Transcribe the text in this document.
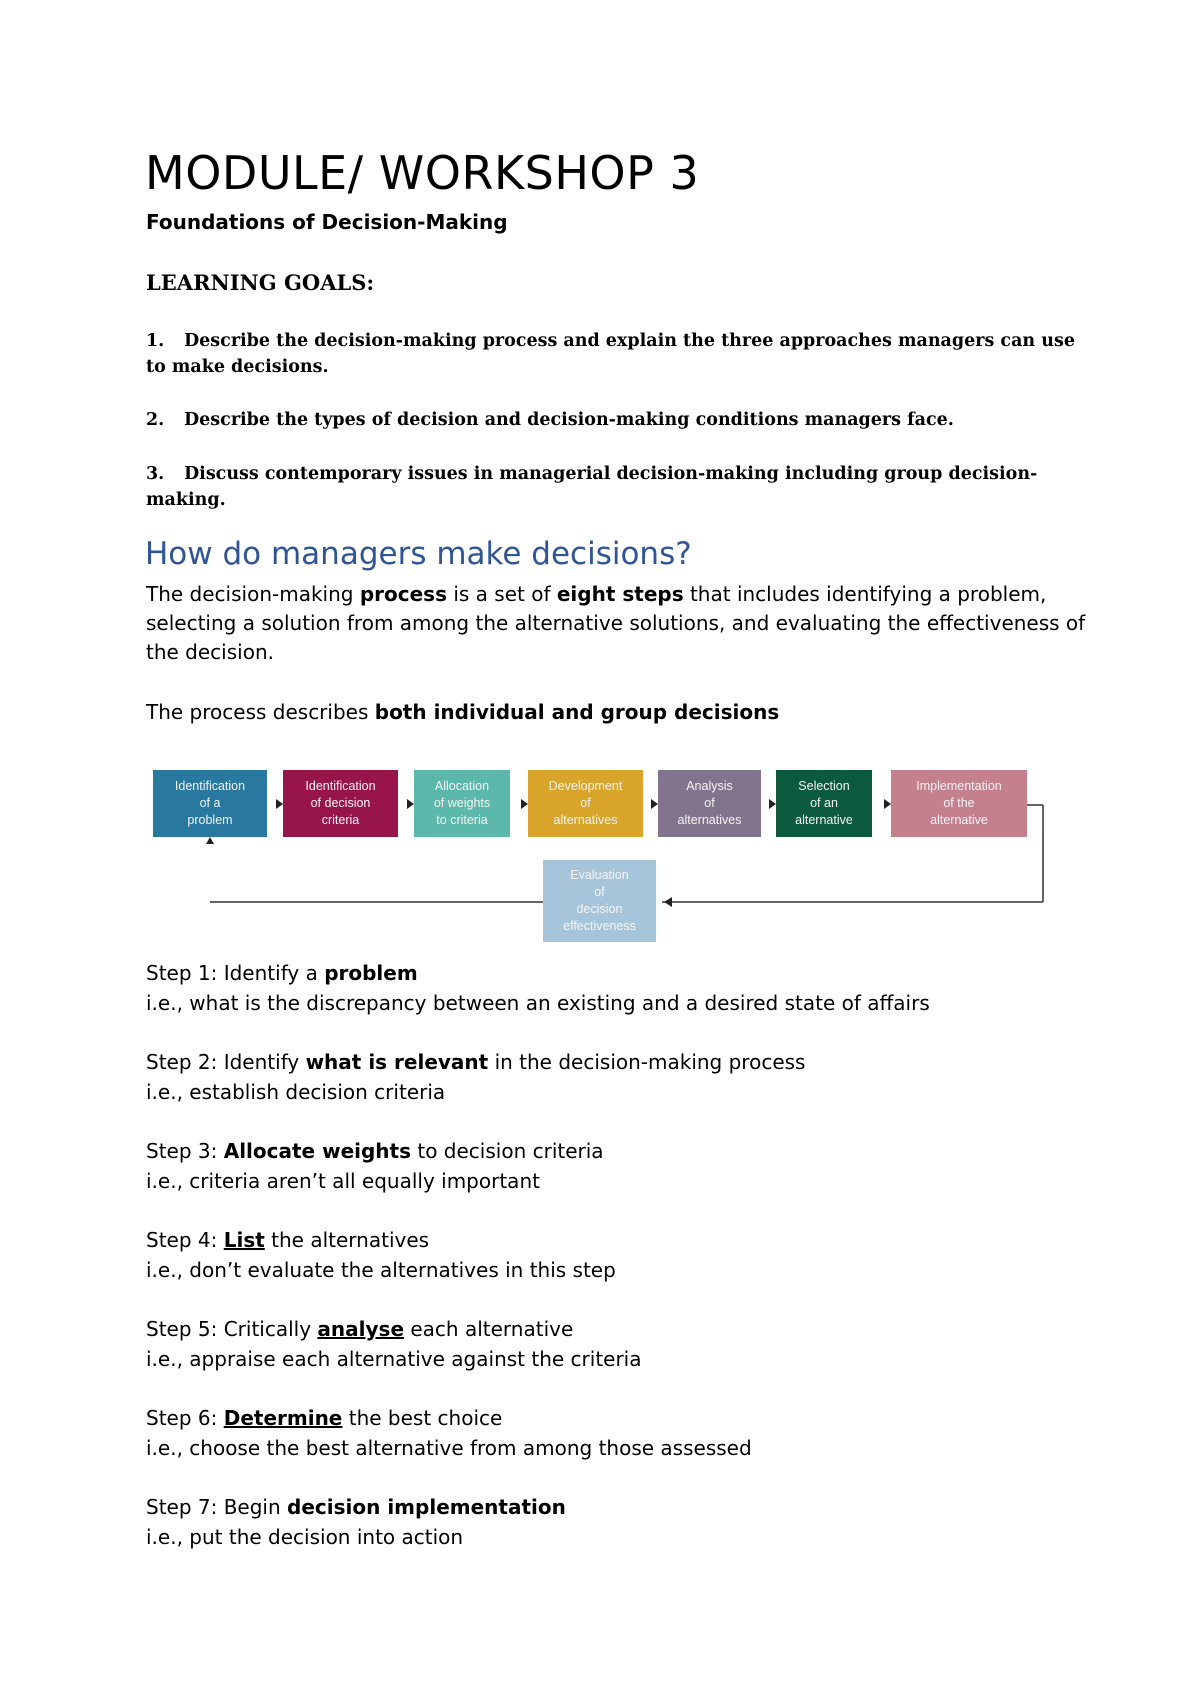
MODULE/ WORKSHOP 3
Foundations of Decision-Making
LEARNING GOALS:
1. Describe the decision-making process and explain the three approaches managers can use to make decisions.
2. Describe the types of decision and decision-making conditions managers face.
3. Discuss contemporary issues in managerial decision-making including group decision-making.
How do managers make decisions?
The decision-making process is a set of eight steps that includes identifying a problem, selecting a solution from among the alternative solutions, and evaluating the effectiveness of the decision.
The process describes both individual and group decisions
Identification
of a
problem
Identification
of decision
criteria
Allocation
of weights
to criteria
Development
of
alternatives
Analysis
of
alternatives
Selection
of an
alternative
Implementation
of the
alternative
Evaluation
of
decision
effectiveness
Step 1: Identify a problem
i.e., what is the discrepancy between an existing and a desired state of affairs
Step 2: Identify what is relevant in the decision-making process
i.e., establish decision criteria
Step 3: Allocate weights to decision criteria
i.e., criteria aren’t all equally important
Step 4: List the alternatives
i.e., don’t evaluate the alternatives in this step
Step 5: Critically analyse each alternative
i.e., appraise each alternative against the criteria
Step 6: Determine the best choice
i.e., choose the best alternative from among those assessed
Step 7: Begin decision implementation
i.e., put the decision into action
